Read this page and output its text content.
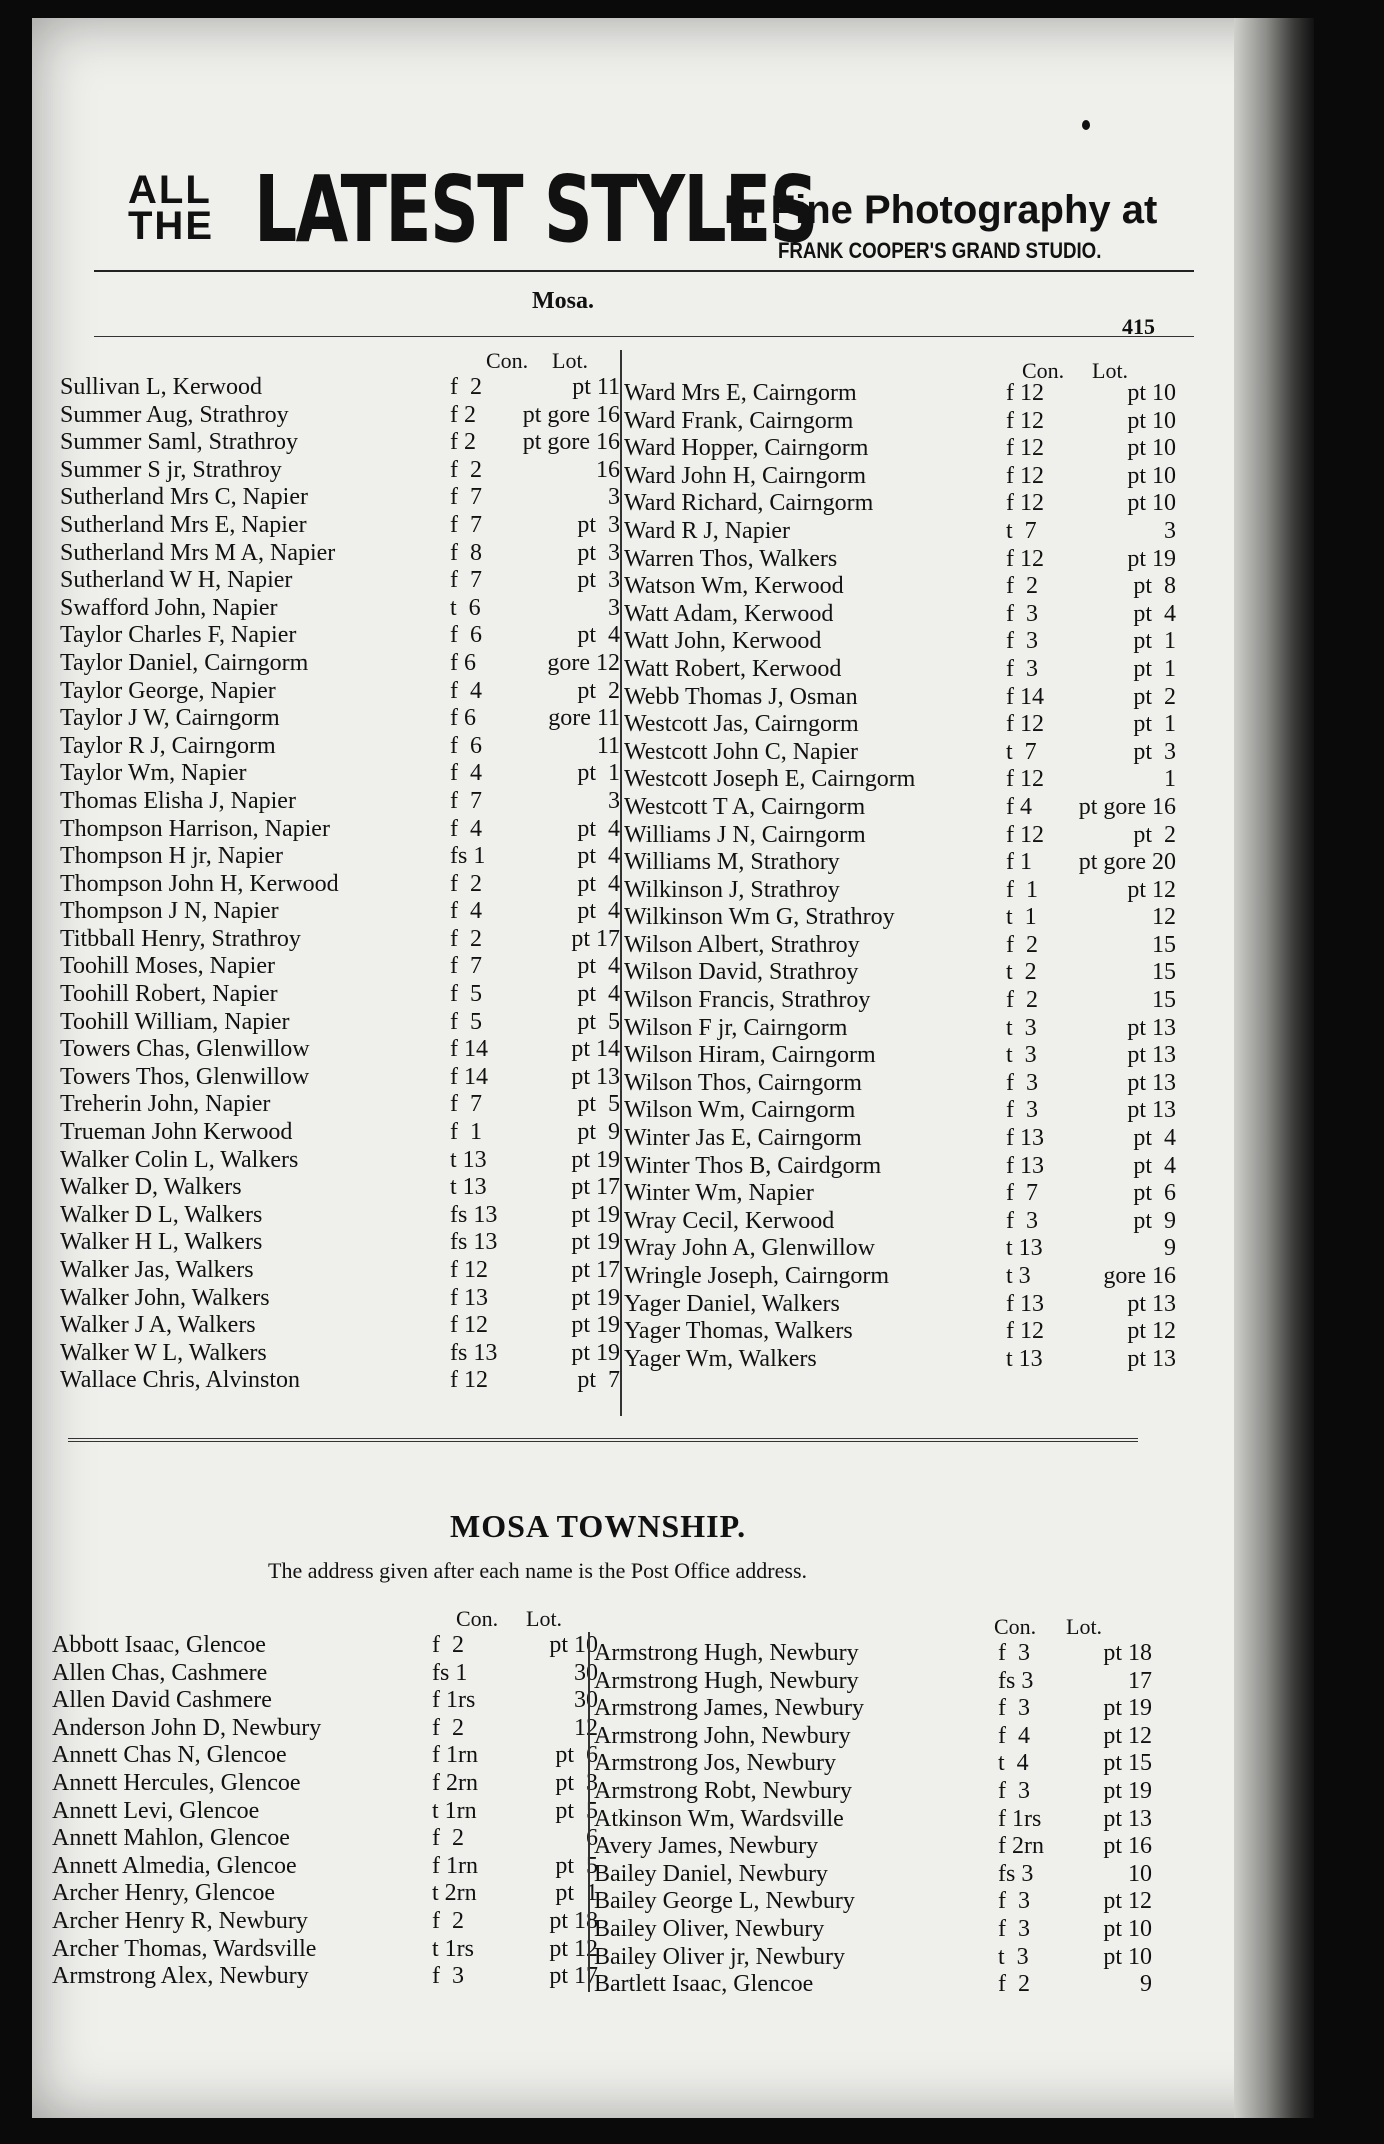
ALL
THE LATEST STYLES
In Fine Photography at
FRANK COOPER'S GRAND STUDIO.
Mosa.
415
Con. Lot.	Con. Lot.
Sullivan L, Kerwood	f  2	pt 11
Summer Aug, Strathroy	f 2 pt gore 16
Summer Saml, Strathroy	f 2 pt gore 16
Summer S jr, Strathroy	f  2	16
Sutherland Mrs C, Napier	f  7	3
Sutherland Mrs E, Napier	f  7	pt  3
Sutherland Mrs M A, Napier	f  8	pt  3
Sutherland W H, Napier	f  7	pt  3
Swafford John, Napier	t  6	3
Taylor Charles F, Napier	f  6	pt  4
Taylor Daniel, Cairngorm	f 6	gore 12
Taylor George, Napier	f  4	pt  2
Taylor J W, Cairngorm	f 6	gore 11
Taylor R J, Cairngorm	f  6	11
Taylor Wm, Napier	f  4	pt  1
Thomas Elisha J, Napier	f  7	3
Thompson Harrison, Napier	f  4	pt  4
Thompson H jr, Napier	fs 1	pt  4
Thompson John H, Kerwood	f  2	pt  4
Thompson J N, Napier	f  4	pt  4
Titbball Henry, Strathroy	f  2	pt 17
Toohill Moses, Napier	f  7	pt  4
Toohill Robert, Napier	f  5	pt  4
Toohill William, Napier	f  5	pt  5
Towers Chas, Glenwillow	f 14	pt 14
Towers Thos, Glenwillow	f 14	pt 13
Treherin John, Napier	f  7	pt  5
Trueman John Kerwood	f  1	pt  9
Walker Colin L, Walkers	t 13	pt 19
Walker D, Walkers	t 13	pt 17
Walker D L, Walkers	fs 13	pt 19
Walker H L, Walkers	fs 13	pt 19
Walker Jas, Walkers	f 12	pt 17
Walker John, Walkers	f 13	pt 19
Walker J A, Walkers	f 12	pt 19
Walker W L, Walkers	fs 13	pt 19
Wallace Chris, Alvinston	f 12	pt  7
Ward Mrs E, Cairngorm	f 12	pt 10
Ward Frank, Cairngorm	f 12	pt 10
Ward Hopper, Cairngorm	f 12	pt 10
Ward John H, Cairngorm	f 12	pt 10
Ward Richard, Cairngorm	f 12	pt 10
Ward R J, Napier	t  7	3
Warren Thos, Walkers	f 12	pt 19
Watson Wm, Kerwood	f  2	pt  8
Watt Adam, Kerwood	f  3	pt  4
Watt John, Kerwood	f  3	pt  1
Watt Robert, Kerwood	f  3	pt  1
Webb Thomas J, Osman	f 14	pt  2
Westcott Jas, Cairngorm	f 12	pt  1
Westcott John C, Napier	t  7	pt  3
Westcott Joseph E, Cairngorm	f 12	1
Westcott T A, Cairngorm	f 4 pt gore 16
Williams J N, Cairngorm	f 12	pt  2
Williams M, Strathory	f 1 pt gore 20
Wilkinson J, Strathroy	f  1	pt 12
Wilkinson Wm G, Strathroy	t  1	12
Wilson Albert, Strathroy	f  2	15
Wilson David, Strathroy	t  2	15
Wilson Francis, Strathroy	f  2	15
Wilson F jr, Cairngorm	t  3	pt 13
Wilson Hiram, Cairngorm	t  3	pt 13
Wilson Thos, Cairngorm	f  3	pt 13
Wilson Wm, Cairngorm	f  3	pt 13
Winter Jas E, Cairngorm	f 13	pt  4
Winter Thos B, Cairdgorm	f 13	pt  4
Winter Wm, Napier	f  7	pt  6
Wray Cecil, Kerwood	f  3	pt  9
Wray John A, Glenwillow	t 13	9
Wringle Joseph, Cairngorm	t 3	gore 16
Yager Daniel, Walkers	f 13	pt 13
Yager Thomas, Walkers	f 12	pt 12
Yager Wm, Walkers	t 13	pt 13
MOSA TOWNSHIP.
The address given after each name is the Post Office address.
Con. Lot.	Con. Lot.
Abbott Isaac, Glencoe	f  2	pt 10
Allen Chas, Cashmere	fs 1	30
Allen David Cashmere	f 1rs	30
Anderson John D, Newbury	f  2	12
Annett Chas N, Glencoe	f 1rn	pt  6
Annett Hercules, Glencoe	f 2rn	pt  3
Annett Levi, Glencoe	t 1rn	pt  5
Annett Mahlon, Glencoe	f  2	6
Annett Almedia, Glencoe	f 1rn	pt  5
Archer Henry, Glencoe	t 2rn	pt  1
Archer Henry R, Newbury	f  2	pt 18
Archer Thomas, Wardsville	t 1rs	pt 12
Armstrong Alex, Newbury	f  3	pt 17
Armstrong Hugh, Newbury	f  3	pt 18
Armstrong Hugh, Newbury	fs 3	17
Armstrong James, Newbury	f  3	pt 19
Armstrong John, Newbury	f  4	pt 12
Armstrong Jos, Newbury	t  4	pt 15
Armstrong Robt, Newbury	f  3	pt 19
Atkinson Wm, Wardsville	f 1rs	pt 13
Avery James, Newbury	f 2rn pt 16
Bailey Daniel, Newbury	fs 3	10
Bailey George L, Newbury	f  3	pt 12
Bailey Oliver, Newbury	f  3	pt 10
Bailey Oliver jr, Newbury	t  3	pt 10
Bartlett Isaac, Glencoe	f  2	9
